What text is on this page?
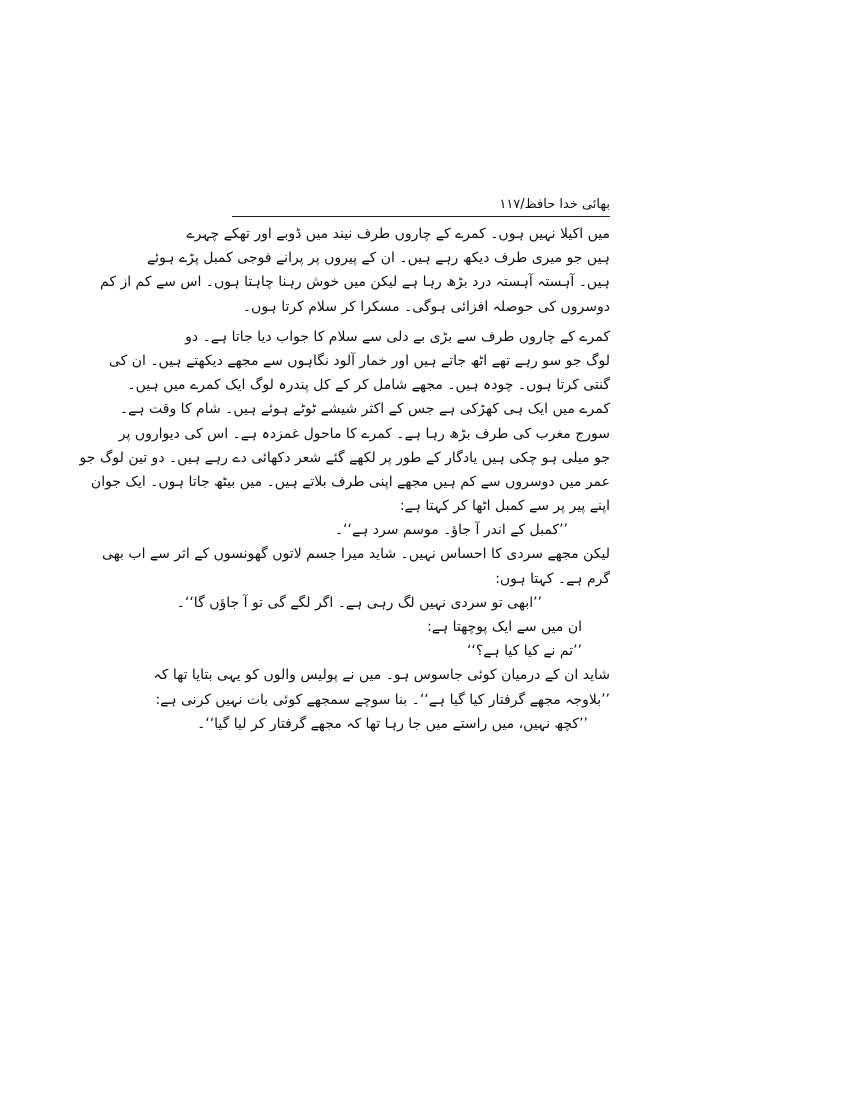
بھائی خدا حافظ/۱۱۷
میں اکیلا نہیں ہوں۔ کمرے کے چاروں طرف نیند میں ڈوبے اور تھکے چہرے
ہیں جو میری طرف دیکھ رہے ہیں۔ ان کے پیروں پر پرانے فوجی کمبل پڑے ہوئے
ہیں۔ آہستہ آہستہ درد بڑھ رہا ہے لیکن میں خوش رہنا چاہتا ہوں۔ اس سے کم از کم
دوسروں کی حوصلہ افزائی ہوگی۔ مسکرا کر سلام کرتا ہوں۔
کمرے کے چاروں طرف سے بڑی بے دلی سے سلام کا جواب دیا جاتا ہے۔ دو
لوگ جو سو رہے تھے اٹھ جاتے ہیں اور خمار آلود نگاہوں سے مجھے دیکھتے ہیں۔ ان کی
گنتی کرتا ہوں۔ چودہ ہیں۔ مجھے شامل کر کے کل پندرہ لوگ ایک کمرے میں ہیں۔
کمرے میں ایک ہی کھڑکی ہے جس کے اکثر شیشے ٹوٹے ہوئے ہیں۔ شام کا وقت ہے۔
سورج مغرب کی طرف بڑھ رہا ہے۔ کمرے کا ماحول غمزدہ ہے۔ اس کی دیواروں پر
جو میلی ہو چکی ہیں یادگار کے طور پر لکھے گئے شعر دکھائی دے رہے ہیں۔ دو تین لوگ جو
عمر میں دوسروں سے کم ہیں مجھے اپنی طرف بلاتے ہیں۔ میں بیٹھ جاتا ہوں۔ ایک جوان
اپنے پیر پر سے کمبل اٹھا کر کہتا ہے:
’’کمبل کے اندر آ جاؤ۔ موسم سرد ہے‘‘۔
لیکن مجھے سردی کا احساس نہیں۔ شاید میرا جسم لاتوں گھونسوں کے اثر سے اب بھی
گرم ہے۔ کہتا ہوں:
’’ابھی تو سردی نہیں لگ رہی ہے۔ اگر لگے گی تو آ جاؤں گا‘‘۔
ان میں سے ایک پوچھتا ہے:
’’تم نے کیا کیا ہے؟‘‘
شاید ان کے درمیان کوئی جاسوس ہو۔ میں نے پولیس والوں کو یہی بتایا تھا کہ
’’بلاوجہ مجھے گرفتار کیا گیا ہے‘‘۔ بنا سوچے سمجھے کوئی بات نہیں کرنی ہے:
’’کچھ نہیں، میں راستے میں جا رہا تھا کہ مجھے گرفتار کر لیا گیا‘‘۔
